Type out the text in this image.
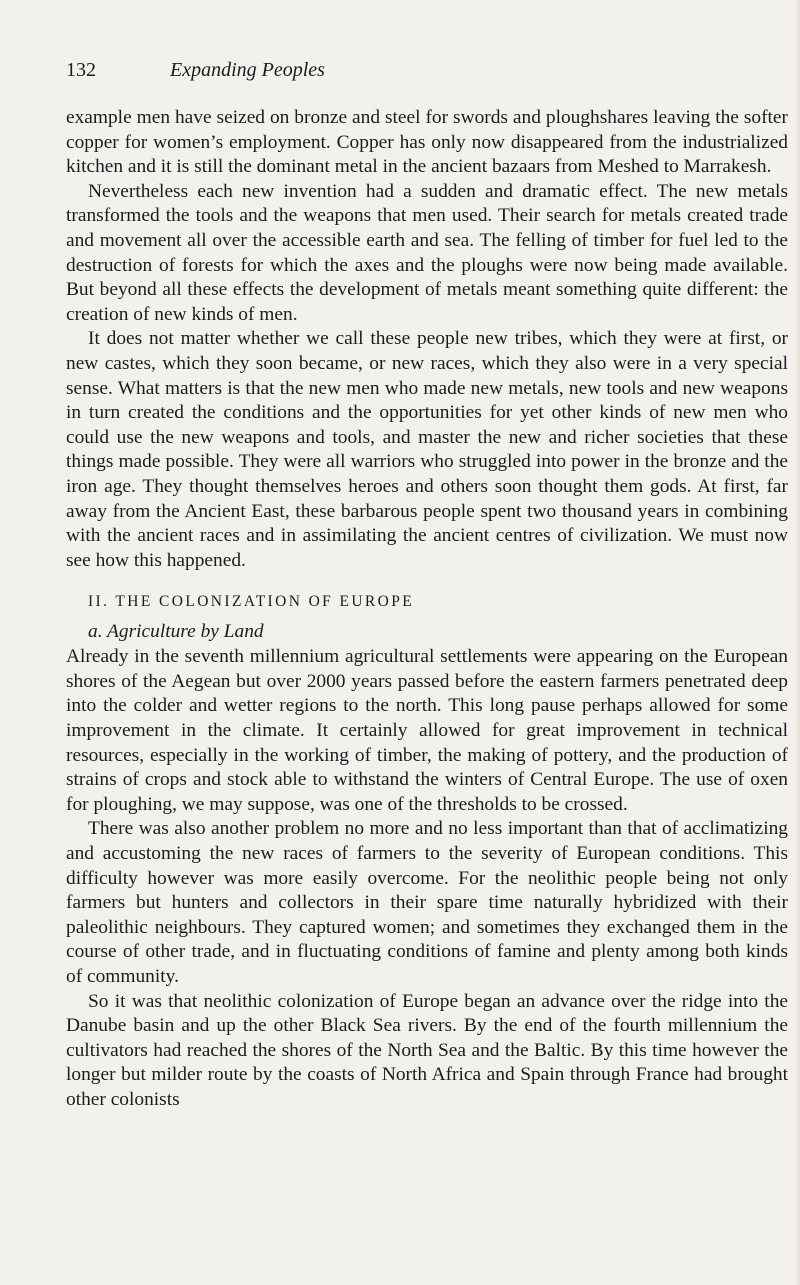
132	Expanding Peoples

example men have seized on bronze and steel for swords and ploughshares leaving the softer copper for women’s employment. Copper has only now disappeared from the industrialized kitchen and it is still the dominant metal in the ancient bazaars from Meshed to Marrakesh.

Nevertheless each new invention had a sudden and dramatic effect. The new metals transformed the tools and the weapons that men used. Their search for metals created trade and movement all over the accessible earth and sea. The felling of timber for fuel led to the destruction of forests for which the axes and the ploughs were now being made available. But beyond all these effects the development of metals meant something quite different: the creation of new kinds of men.

It does not matter whether we call these people new tribes, which they were at first, or new castes, which they soon became, or new races, which they also were in a very special sense. What matters is that the new men who made new metals, new tools and new weapons in turn created the conditions and the opportunities for yet other kinds of new men who could use the new weapons and tools, and master the new and richer societies that these things made possible. They were all warriors who struggled into power in the bronze and the iron age. They thought themselves heroes and others soon thought them gods. At first, far away from the Ancient East, these barbarous people spent two thousand years in combining with the ancient races and in assimilating the ancient centres of civilization. We must now see how this happened.

II. THE COLONIZATION OF EUROPE
a. Agriculture by Land

Already in the seventh millennium agricultural settlements were appearing on the European shores of the Aegean but over 2000 years passed before the eastern farmers penetrated deep into the colder and wetter regions to the north. This long pause perhaps allowed for some improvement in the climate. It certainly allowed for great improvement in technical resources, especially in the working of timber, the making of pottery, and the production of strains of crops and stock able to withstand the winters of Central Europe. The use of oxen for ploughing, we may suppose, was one of the thresholds to be crossed.

There was also another problem no more and no less important than that of acclimatizing and accustoming the new races of farmers to the severity of European conditions. This difficulty however was more easily overcome. For the neolithic people being not only farmers but hunters and collectors in their spare time naturally hybridized with their paleolithic neighbours. They captured women; and sometimes they exchanged them in the course of other trade, and in fluctuating conditions of famine and plenty among both kinds of community.

So it was that neolithic colonization of Europe began an advance over the ridge into the Danube basin and up the other Black Sea rivers. By the end of the fourth millennium the cultivators had reached the shores of the North Sea and the Baltic. By this time however the longer but milder route by the coasts of North Africa and Spain through France had brought other colonists
